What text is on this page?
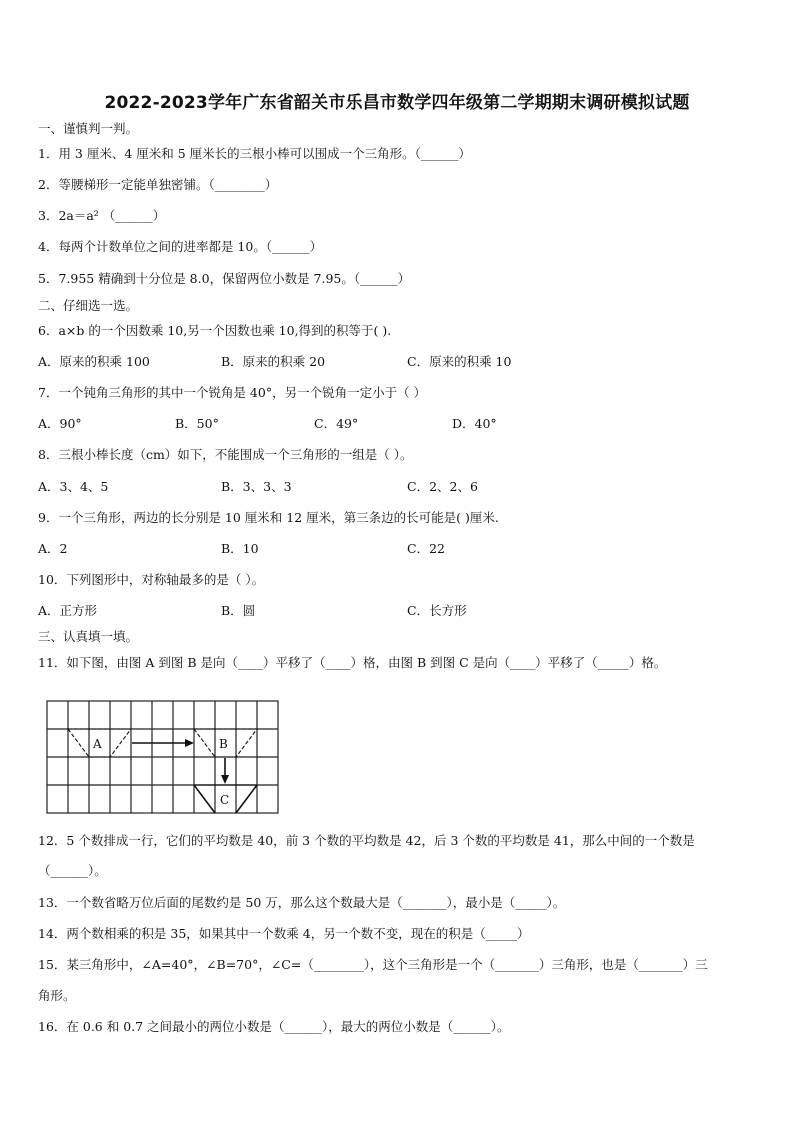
2022-2023学年广东省韶关市乐昌市数学四年级第二学期期末调研模拟试题
一、谨慎判一判。
1．用 3 厘米、4 厘米和 5 厘米长的三根小棒可以围成一个三角形。（______）
2．等腰梯形一定能单独密铺。（________）
3．2a＝a² （______）
4．每两个计数单位之间的进率都是 10。（______）
5．7.955 精确到十分位是 8.0，保留两位小数是 7.95。（______）
二、仔细选一选。
6．a×b 的一个因数乘 10,另一个因数也乘 10,得到的积等于( ).
A．原来的积乘 100	B．原来的积乘 20	C．原来的积乘 10
7．一个钝角三角形的其中一个锐角是 40°，另一个锐角一定小于（ ）
A．90°	B．50°	C．49°	D．40°
8．三根小棒长度（cm）如下，不能围成一个三角形的一组是（ ）。
A．3、4、5	B．3、3、3	C．2、2、6
9．一个三角形，两边的长分别是 10 厘米和 12 厘米，第三条边的长可能是( )厘米.
A．2	B．10	C．22
10．下列图形中，对称轴最多的是（ ）。
A．正方形	B．圆	C．长方形
三、认真填一填。
11．如下图，由图 A 到图 B 是向（____）平移了（____）格，由图 B 到图 C 是向（____）平移了（_____）格。
A	B
C
12．5 个数排成一行，它们的平均数是 40，前 3 个数的平均数是 42，后 3 个数的平均数是 41，那么中间的一个数是
（______）。
13．一个数省略万位后面的尾数约是 50 万，那么这个数最大是（_______），最小是（_____）。
14．两个数相乘的积是 35，如果其中一个数乘 4，另一个数不变，现在的积是（_____）
15．某三角形中，∠A=40°，∠B=70°，∠C=（________），这个三角形是一个（_______）三角形，也是（_______）三
角形。
16．在 0.6 和 0.7 之间最小的两位小数是（______），最大的两位小数是（______）。
